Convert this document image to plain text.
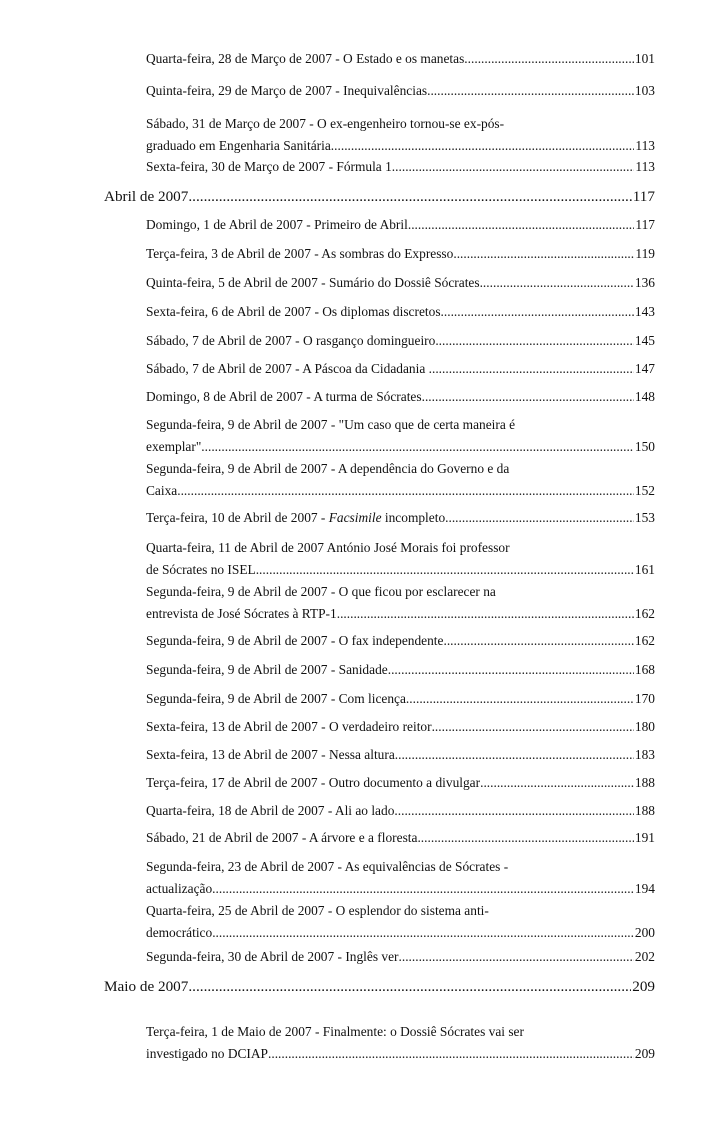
Quarta-feira, 28 de Março de 2007 - O Estado e os manetas .....	101
Quinta-feira, 29 de Março de 2007 - Inequivalências .....	103
Sábado, 31 de Março de 2007 - O ex-engenheiro tornou-se ex-pós-
graduado em Engenharia Sanitária .....	113
Sexta-feira, 30 de Março de 2007 - Fórmula 1 .....	113
Abril de 2007 .....	117
Domingo, 1 de Abril de 2007 - Primeiro de Abril .....	117
Terça-feira, 3 de Abril de 2007 - As sombras do Expresso .....	119
Quinta-feira, 5 de Abril de 2007 - Sumário do Dossiê Sócrates .....	136
Sexta-feira, 6 de Abril de 2007 - Os diplomas discretos .....	143
Sábado, 7 de Abril de 2007 - O rasganço domingueiro .....	145
Sábado, 7 de Abril de 2007 - A Páscoa da Cidadania . .....	147
Domingo, 8 de Abril de 2007 - A turma de Sócrates .....	148
Segunda-feira, 9 de Abril de 2007 - "Um caso que de certa maneira é
exemplar"... .....	150
Segunda-feira, 9 de Abril de 2007 - A dependência do Governo e da
Caixa .....	152
Terça-feira, 10 de Abril de 2007 - Facsimile incompleto .....	153
Quarta-feira, 11 de Abril de 2007 António José Morais foi professor
de Sócrates no ISEL .....	161
Segunda-feira, 9 de Abril de 2007 - O que ficou por esclarecer na
entrevista de José Sócrates à RTP-1 .....	162
Segunda-feira, 9 de Abril de 2007 - O fax independente .....	162
Segunda-feira, 9 de Abril de 2007 - Sanidade .....	168
Segunda-feira, 9 de Abril de 2007 - Com licença... .....	170
Sexta-feira, 13 de Abril de 2007 - O verdadeiro reitor .....	180
Sexta-feira, 13 de Abril de 2007 - Nessa altura .....	183
Terça-feira, 17 de Abril de 2007 - Outro documento a divulgar .....	188
Quarta-feira, 18 de Abril de 2007 - Ali ao lado .....	188
Sábado, 21 de Abril de 2007 - A árvore e a floresta .....	191
Segunda-feira, 23 de Abril de 2007 - As equivalências de Sócrates -
actualização .....	194
Quarta-feira, 25 de Abril de 2007 - O esplendor do sistema anti-
democrático .....	200
Segunda-feira, 30 de Abril de 2007 - Inglês ver .....	202
Maio de 2007 .....	209
Terça-feira, 1 de Maio de 2007 - Finalmente: o Dossiê Sócrates vai ser
investigado no DCIAP .....	209
